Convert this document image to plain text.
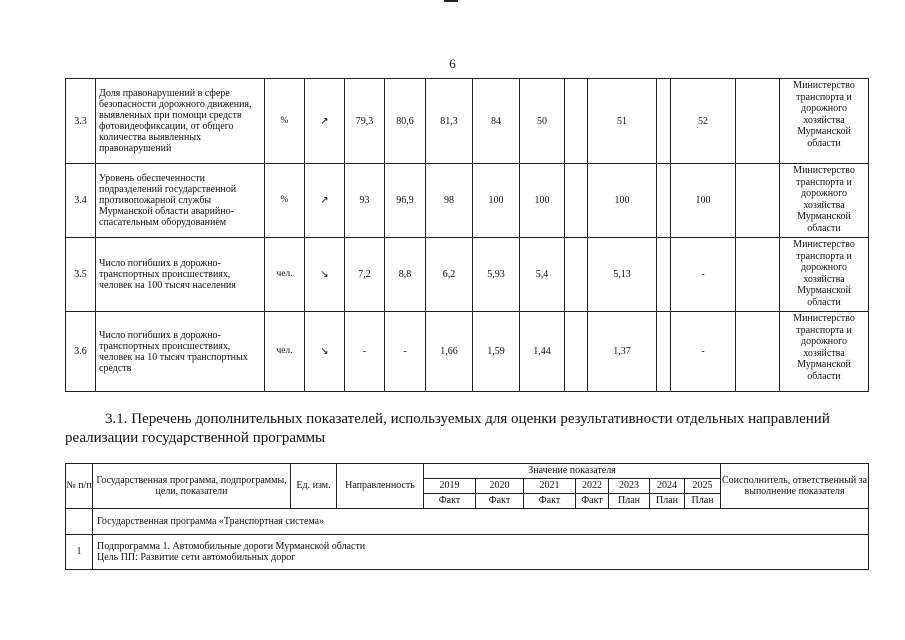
6
3.3	Доля правонарушений в сфере безопасности дорожного движения, выявленных при помощи средств фотовидеофиксации, от общего количества выявленных правонарушений	%	↗	79,3	80,6	81,3	84	50		51		52		Министерство транспорта и дорожного хозяйства Мурманской области
3.4	Уровень обеспеченности подразделений государственной противопожарной службы Мурманской области аварийно-спасательным оборудованием	%	↗	93	96,9	98	100	100		100		100		Министерство транспорта и дорожного хозяйства Мурманской области
3.5	Число погибших в дорожно-транспортных происшествиях, человек на 100 тысяч населения	чел.	↘	7,2	8,8	6,2	5,93	5,4		5,13		-		Министерство транспорта и дорожного хозяйства Мурманской области
3.6	Число погибших в дорожно-транспортных происшествиях, человек на 10 тысяч транспортных средств	чел.	↘	-	-	1,66	1,59	1,44		1,37		-		Министерство транспорта и дорожного хозяйства Мурманской области
3.1. Перечень дополнительных показателей, используемых для оценки результативности отдельных направлений
реализации государственной программы
№ п/п	Государственная программа, подпрограммы, цели, показатели	Ед. изм.	Направленность	Значение показателя							Соисполнитель, ответственный за выполнение показателя
				2019	2020	2021	2022	2023	2024	2025	
				Факт	Факт	Факт	Факт	План	План	План	
	Государственная программа «Транспортная система»										
1	Подпрограмма 1. Автомобильные дороги Мурманской области
Цель ПП: Развитие сети автомобильных дорог										
